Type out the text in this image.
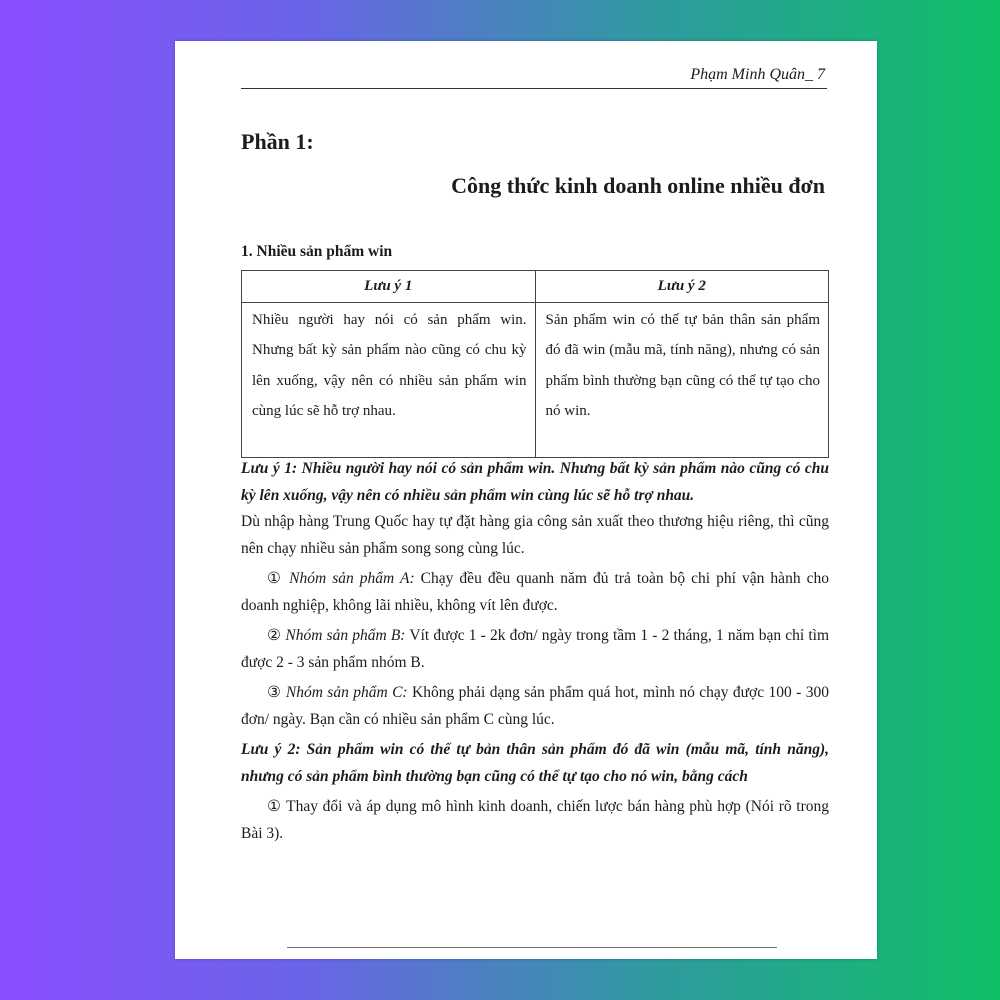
Phạm Minh Quân_ 7
Phần 1:
Công thức kinh doanh online nhiều đơn
1. Nhiều sản phẩm win
Lưu ý 1	Lưu ý 2
Nhiều người hay nói có sản phẩm win. Nhưng bất kỳ sản phẩm nào cũng có chu kỳ lên xuống, vậy nên có nhiều sản phẩm win cùng lúc sẽ hỗ trợ nhau.	Sản phẩm win có thể tự bản thân sản phẩm đó đã win (mẫu mã, tính năng), nhưng có sản phẩm bình thường bạn cũng có thể tự tạo cho nó win.

Lưu ý 1: Nhiều người hay nói có sản phẩm win. Nhưng bất kỳ sản phẩm nào cũng có chu kỳ lên xuống, vậy nên có nhiều sản phẩm win cùng lúc sẽ hỗ trợ nhau.

Dù nhập hàng Trung Quốc hay tự đặt hàng gia công sản xuất theo thương hiệu riêng, thì cũng nên chạy nhiều sản phẩm song song cùng lúc.

① Nhóm sản phẩm A: Chạy đều đều quanh năm đủ trả toàn bộ chi phí vận hành cho doanh nghiệp, không lãi nhiều, không vít lên được.

② Nhóm sản phẩm B: Vít được 1 - 2k đơn/ ngày trong tầm 1 - 2 tháng, 1 năm bạn chỉ tìm được 2 - 3 sản phẩm nhóm B.

③ Nhóm sản phẩm C: Không phải dạng sản phẩm quá hot, mình nó chạy được 100 - 300 đơn/ ngày. Bạn cần có nhiều sản phẩm C cùng lúc.

Lưu ý 2: Sản phẩm win có thể tự bản thân sản phẩm đó đã win (mẫu mã, tính năng), nhưng có sản phẩm bình thường bạn cũng có thể tự tạo cho nó win, bằng cách

① Thay đổi và áp dụng mô hình kinh doanh, chiến lược bán hàng phù hợp (Nói rõ trong Bài 3).
